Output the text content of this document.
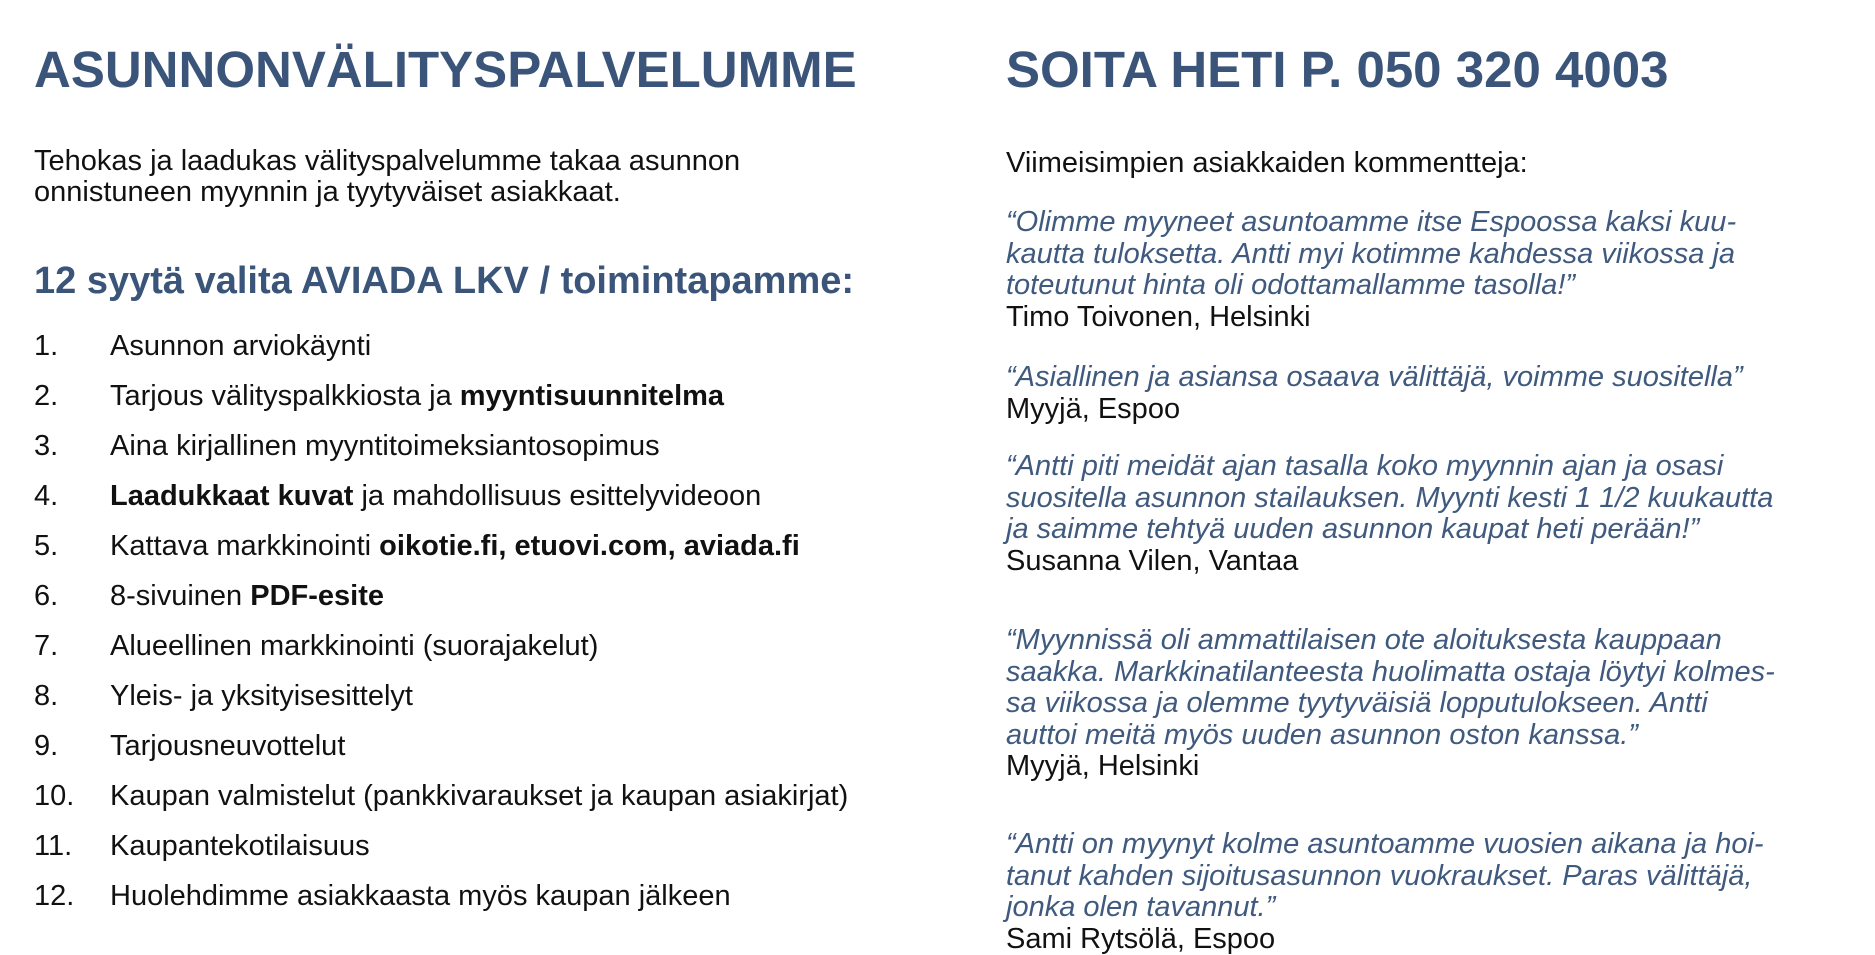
ASUNNONVÄLITYSPALVELUMME

Tehokas ja laadukas välityspalvelumme takaa asunnon
onnistuneen myynnin ja tyytyväiset asiakkaat.

12 syytä valita AVIADA LKV / toimintapamme:
1. Asunnon arviokäynti
2. Tarjous välityspalkkiosta ja myyntisuunnitelma
3. Aina kirjallinen myyntitoimeksiantosopimus
4. Laadukkaat kuvat ja mahdollisuus esittelyvideoon
5. Kattava markkinointi oikotie.fi, etuovi.com, aviada.fi
6. 8-sivuinen PDF-esite
7. Alueellinen markkinointi (suorajakelut)
8. Yleis- ja yksityisesittelyt
9. Tarjousneuvottelut
10. Kaupan valmistelut (pankkivaraukset ja kaupan asiakirjat)
11. Kaupantekotilaisuus
12. Huolehdimme asiakkaasta myös kaupan jälkeen
SOITA HETI P. 050 320 4003

Viimeisimpien asiakkaiden kommentteja:

“Olimme myyneet asuntoamme itse Espoossa kaksi kuu-
kautta tuloksetta. Antti myi kotimme kahdessa viikossa ja
toteutunut hinta oli odottamallamme tasolla!”

Timo Toivonen, Helsinki

“Asiallinen ja asiansa osaava välittäjä, voimme suositella”

Myyjä, Espoo

“Antti piti meidät ajan tasalla koko myynnin ajan ja osasi
suositella asunnon stailauksen. Myynti kesti 1 1/2 kuukautta
ja saimme tehtyä uuden asunnon kaupat heti perään!”

Susanna Vilen, Vantaa

“Myynnissä oli ammattilaisen ote aloituksesta kauppaan
saakka. Markkinatilanteesta huolimatta ostaja löytyi kolmes-
sa viikossa ja olemme tyytyväisiä lopputulokseen. Antti
auttoi meitä myös uuden asunnon oston kanssa.”

Myyjä, Helsinki

“Antti on myynyt kolme asuntoamme vuosien aikana ja hoi-
tanut kahden sijoitusasunnon vuokraukset. Paras välittäjä,
jonka olen tavannut.”

Sami Rytsölä, Espoo
